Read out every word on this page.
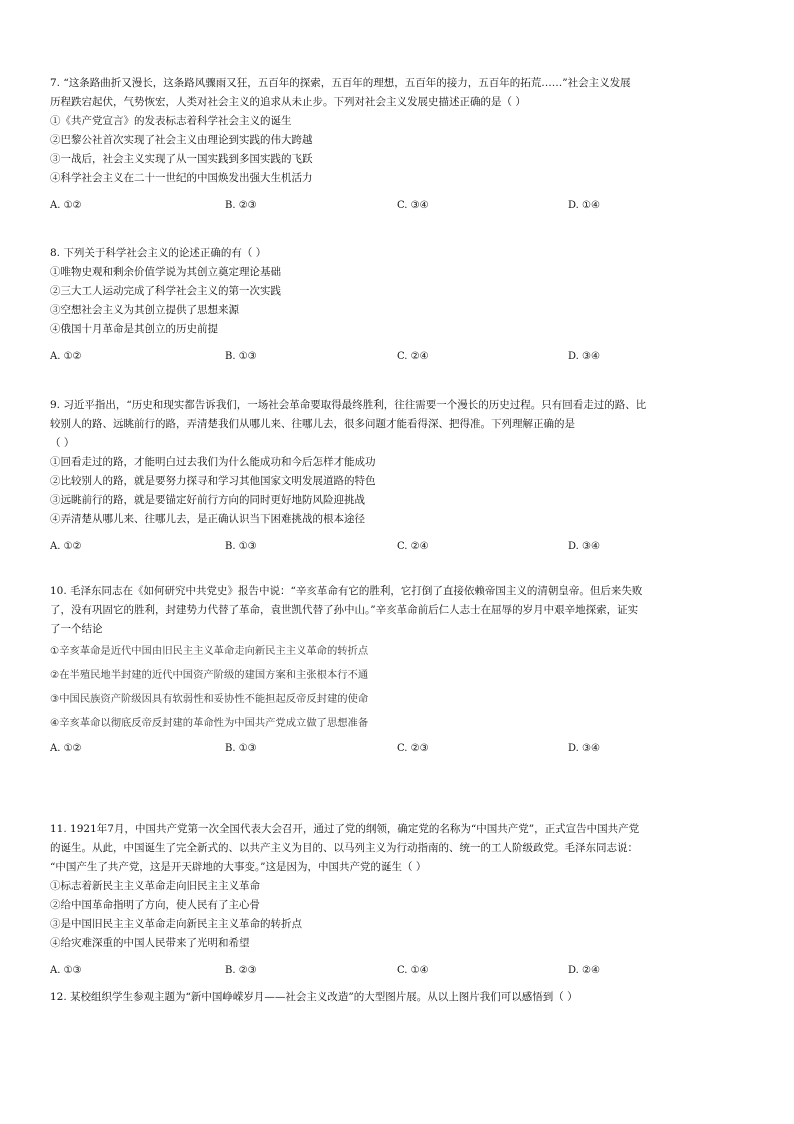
7. “这条路曲折又漫长，这条路风骤雨又狂，五百年的探索，五百年的理想，五百年的接力，五百年的拓荒……”社会主义发展

历程跌宕起伏，气势恢宏，人类对社会主义的追求从未止步。下列对社会主义发展史描述正确的是（ ）

①《共产党宣言》的发表标志着科学社会主义的诞生

②巴黎公社首次实现了社会主义由理论到实践的伟大跨越

③一战后，社会主义实现了从一国实践到多国实践的飞跃

④科学社会主义在二十一世纪的中国焕发出强大生机活力

A. ①②	B. ②③	C. ③④	D. ①④

8. 下列关于科学社会主义的论述正确的有（ ）

①唯物史观和剩余价值学说为其创立奠定理论基础

②三大工人运动完成了科学社会主义的第一次实践

③空想社会主义为其创立提供了思想来源

④俄国十月革命是其创立的历史前提

A. ①②	B. ①③	C. ②④	D. ③④

9. 习近平指出，“历史和现实都告诉我们，一场社会革命要取得最终胜利，往往需要一个漫长的历史过程。只有回看走过的路、比

较别人的路、远眺前行的路，弄清楚我们从哪儿来、往哪儿去，很多问题才能看得深、把得准。下列理解正确的是

（ ）

①回看走过的路，才能明白过去我们为什么能成功和今后怎样才能成功

②比较别人的路，就是要努力探寻和学习其他国家文明发展道路的特色

③远眺前行的路，就是要锚定好前行方向的同时更好地防风险迎挑战

④弄清楚从哪儿来、往哪儿去，是正确认识当下困难挑战的根本途径

A. ①②	B. ①③	C. ②④	D. ③④

10. 毛泽东同志在《如何研究中共党史》报告中说：“辛亥革命有它的胜利，它打倒了直接依赖帝国主义的清朝皇帝。但后来失败

了，没有巩固它的胜利，封建势力代替了革命，袁世凯代替了孙中山。”辛亥革命前后仁人志士在屈辱的岁月中艰辛地探索，证实

了一个结论

①辛亥革命是近代中国由旧民主主义革命走向新民主主义革命的转折点

②在半殖民地半封建的近代中国资产阶级的建国方案和主张根本行不通

③中国民族资产阶级因具有软弱性和妥协性不能担起反帝反封建的使命

④辛亥革命以彻底反帝反封建的革命性为中国共产党成立做了思想准备

A. ①②	B. ①③	C. ②③	D. ③④

11. 1921年7月，中国共产党第一次全国代表大会召开，通过了党的纲领，确定党的名称为“中国共产党”，正式宣告中国共产党

的诞生。从此，中国诞生了完全新式的、以共产主义为目的、以马列主义为行动指南的、统一的工人阶级政党。毛泽东同志说：

“中国产生了共产党，这是开天辟地的大事变。”这是因为，中国共产党的诞生（ ）

①标志着新民主主义革命走向旧民主主义革命

②给中国革命指明了方向，使人民有了主心骨

③是中国旧民主主义革命走向新民主主义革命的转折点

④给灾难深重的中国人民带来了光明和希望

A. ①③	B. ②③	C. ①④	D. ②④

12. 某校组织学生参观主题为“新中国峥嵘岁月——社会主义改造”的大型图片展。从以上图片我们可以感悟到（ ）
